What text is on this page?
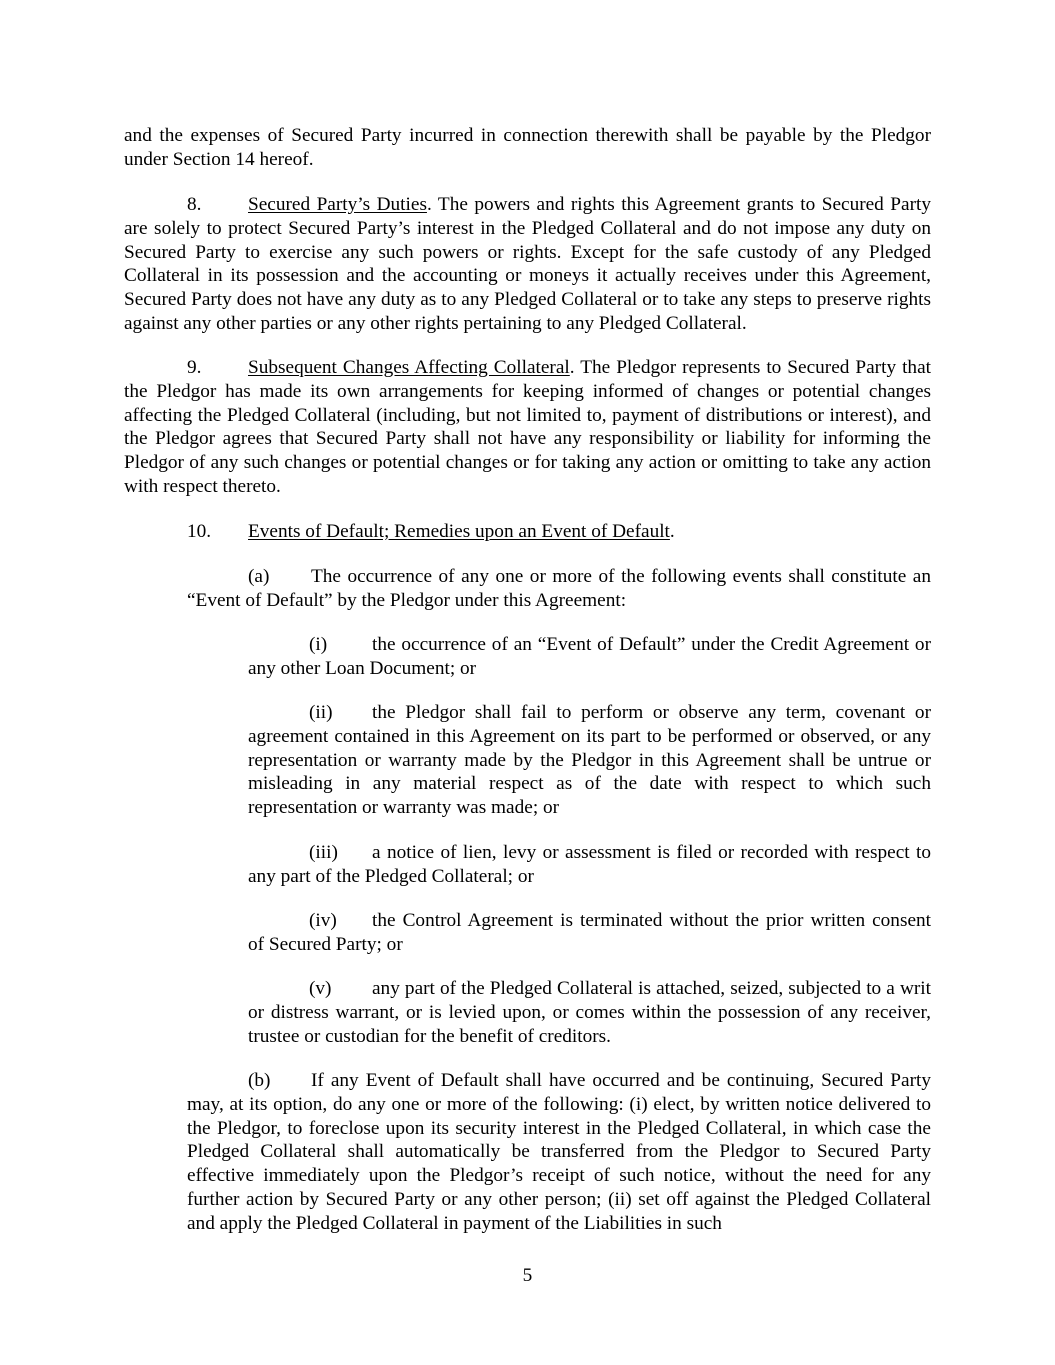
and the expenses of Secured Party incurred in connection therewith shall be payable by the Pledgor under Section 14 hereof.

8. Secured Party’s Duties. The powers and rights this Agreement grants to Secured Party are solely to protect Secured Party’s interest in the Pledged Collateral and do not impose any duty on Secured Party to exercise any such powers or rights. Except for the safe custody of any Pledged Collateral in its possession and the accounting or moneys it actually receives under this Agreement, Secured Party does not have any duty as to any Pledged Collateral or to take any steps to preserve rights against any other parties or any other rights pertaining to any Pledged Collateral.

9. Subsequent Changes Affecting Collateral. The Pledgor represents to Secured Party that the Pledgor has made its own arrangements for keeping informed of changes or potential changes affecting the Pledged Collateral (including, but not limited to, payment of distributions or interest), and the Pledgor agrees that Secured Party shall not have any responsibility or liability for informing the Pledgor of any such changes or potential changes or for taking any action or omitting to take any action with respect thereto.

10. Events of Default; Remedies upon an Event of Default.

(a) The occurrence of any one or more of the following events shall constitute an “Event of Default” by the Pledgor under this Agreement:

(i) the occurrence of an “Event of Default” under the Credit Agreement or any other Loan Document; or

(ii) the Pledgor shall fail to perform or observe any term, covenant or agreement contained in this Agreement on its part to be performed or observed, or any representation or warranty made by the Pledgor in this Agreement shall be untrue or misleading in any material respect as of the date with respect to which such representation or warranty was made; or

(iii) a notice of lien, levy or assessment is filed or recorded with respect to any part of the Pledged Collateral; or

(iv) the Control Agreement is terminated without the prior written consent of Secured Party; or

(v) any part of the Pledged Collateral is attached, seized, subjected to a writ or distress warrant, or is levied upon, or comes within the possession of any receiver, trustee or custodian for the benefit of creditors.

(b) If any Event of Default shall have occurred and be continuing, Secured Party may, at its option, do any one or more of the following: (i) elect, by written notice delivered to the Pledgor, to foreclose upon its security interest in the Pledged Collateral, in which case the Pledged Collateral shall automatically be transferred from the Pledgor to Secured Party effective immediately upon the Pledgor’s receipt of such notice, without the need for any further action by Secured Party or any other person; (ii) set off against the Pledged Collateral and apply the Pledged Collateral in payment of the Liabilities in such

5
